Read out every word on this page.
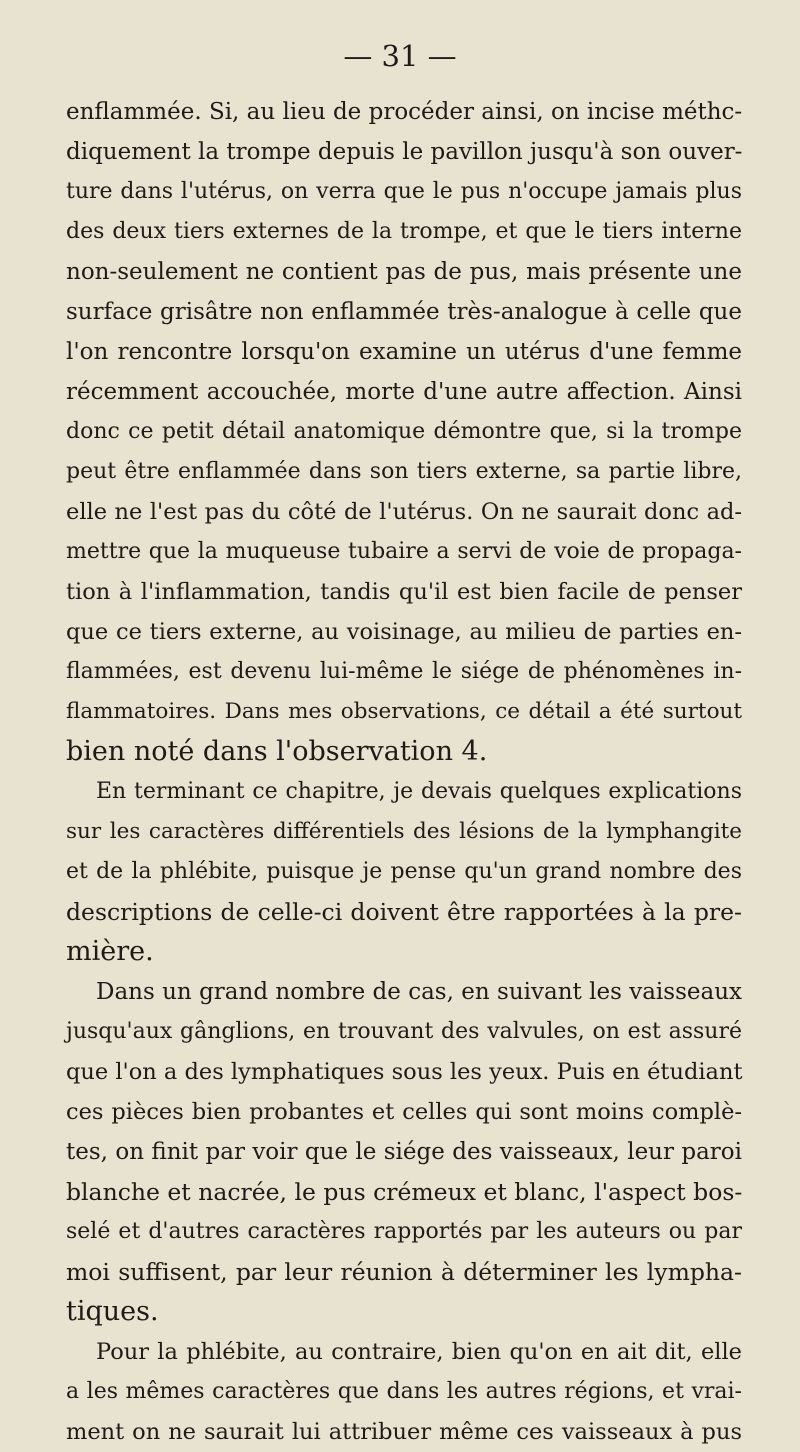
— 31 —
enflammée. Si, au lieu de procéder ainsi, on incise méthc-
diquement la trompe depuis le pavillon jusqu'à son ouver-
ture dans l'utérus, on verra que le pus n'occupe jamais plus
des deux tiers externes de la trompe, et que le tiers interne
non-seulement ne contient pas de pus, mais présente une
surface grisâtre non enflammée très-analogue à celle que
l'on rencontre lorsqu'on examine un utérus d'une femme
récemment accouchée, morte d'une autre affection. Ainsi
donc ce petit détail anatomique démontre que, si la trompe
peut être enflammée dans son tiers externe, sa partie libre,
elle ne l'est pas du côté de l'utérus. On ne saurait donc ad-
mettre que la muqueuse tubaire a servi de voie de propaga-
tion à l'inflammation, tandis qu'il est bien facile de penser
que ce tiers externe, au voisinage, au milieu de parties en-
flammées, est devenu lui-même le siége de phénomènes in-
flammatoires. Dans mes observations, ce détail a été surtout
bien noté dans l'observation 4.
En terminant ce chapitre, je devais quelques explications
sur les caractères différentiels des lésions de la lymphangite
et de la phlébite, puisque je pense qu'un grand nombre des
descriptions de celle-ci doivent être rapportées à la pre-
mière.
Dans un grand nombre de cas, en suivant les vaisseaux
jusqu'aux gânglions, en trouvant des valvules, on est assuré
que l'on a des lymphatiques sous les yeux. Puis en étudiant
ces pièces bien probantes et celles qui sont moins complè-
tes, on finit par voir que le siége des vaisseaux, leur paroi
blanche et nacrée, le pus crémeux et blanc, l'aspect bos-
selé et d'autres caractères rapportés par les auteurs ou par
moi suffisent, par leur réunion à déterminer les lympha-
tiques.
Pour la phlébite, au contraire, bien qu'on en ait dit, elle
a les mêmes caractères que dans les autres régions, et vrai-
ment on ne saurait lui attribuer même ces vaisseaux à pus
